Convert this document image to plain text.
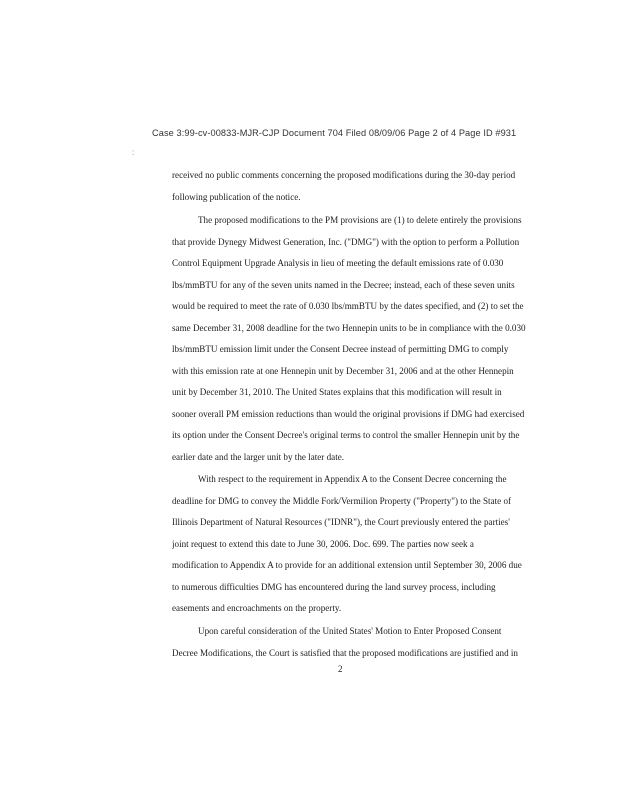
Case 3:99-cv-00833-MJR-CJP Document 704 Filed 08/09/06 Page 2 of 4 Page ID #931
:
received no public comments concerning the proposed modifications during the 30-day period
following publication of the notice.
The proposed modifications to the PM provisions are (1) to delete entirely the provisions
that provide Dynegy Midwest Generation, Inc. ("DMG") with the option to perform a Pollution
Control Equipment Upgrade Analysis in lieu of meeting the default emissions rate of 0.030
lbs/mmBTU for any of the seven units named in the Decree; instead, each of these seven units
would be required to meet the rate of 0.030 lbs/mmBTU by the dates specified, and (2) to set the
same December 31, 2008 deadline for the two Hennepin units to be in compliance with the 0.030
lbs/mmBTU emission limit under the Consent Decree instead of permitting DMG to comply
with this emission rate at one Hennepin unit by December 31, 2006 and at the other Hennepin
unit by December 31, 2010. The United States explains that this modification will result in
sooner overall PM emission reductions than would the original provisions if DMG had exercised
its option under the Consent Decree's original terms to control the smaller Hennepin unit by the
earlier date and the larger unit by the later date.
With respect to the requirement in Appendix A to the Consent Decree concerning the
deadline for DMG to convey the Middle Fork/Vermilion Property ("Property") to the State of
Illinois Department of Natural Resources ("IDNR"), the Court previously entered the parties'
joint request to extend this date to June 30, 2006. Doc. 699. The parties now seek a
modification to Appendix A to provide for an additional extension until September 30, 2006 due
to numerous difficulties DMG has encountered during the land survey process, including
easements and encroachments on the property.
Upon careful consideration of the United States' Motion to Enter Proposed Consent
Decree Modifications, the Court is satisfied that the proposed modifications are justified and in
2
